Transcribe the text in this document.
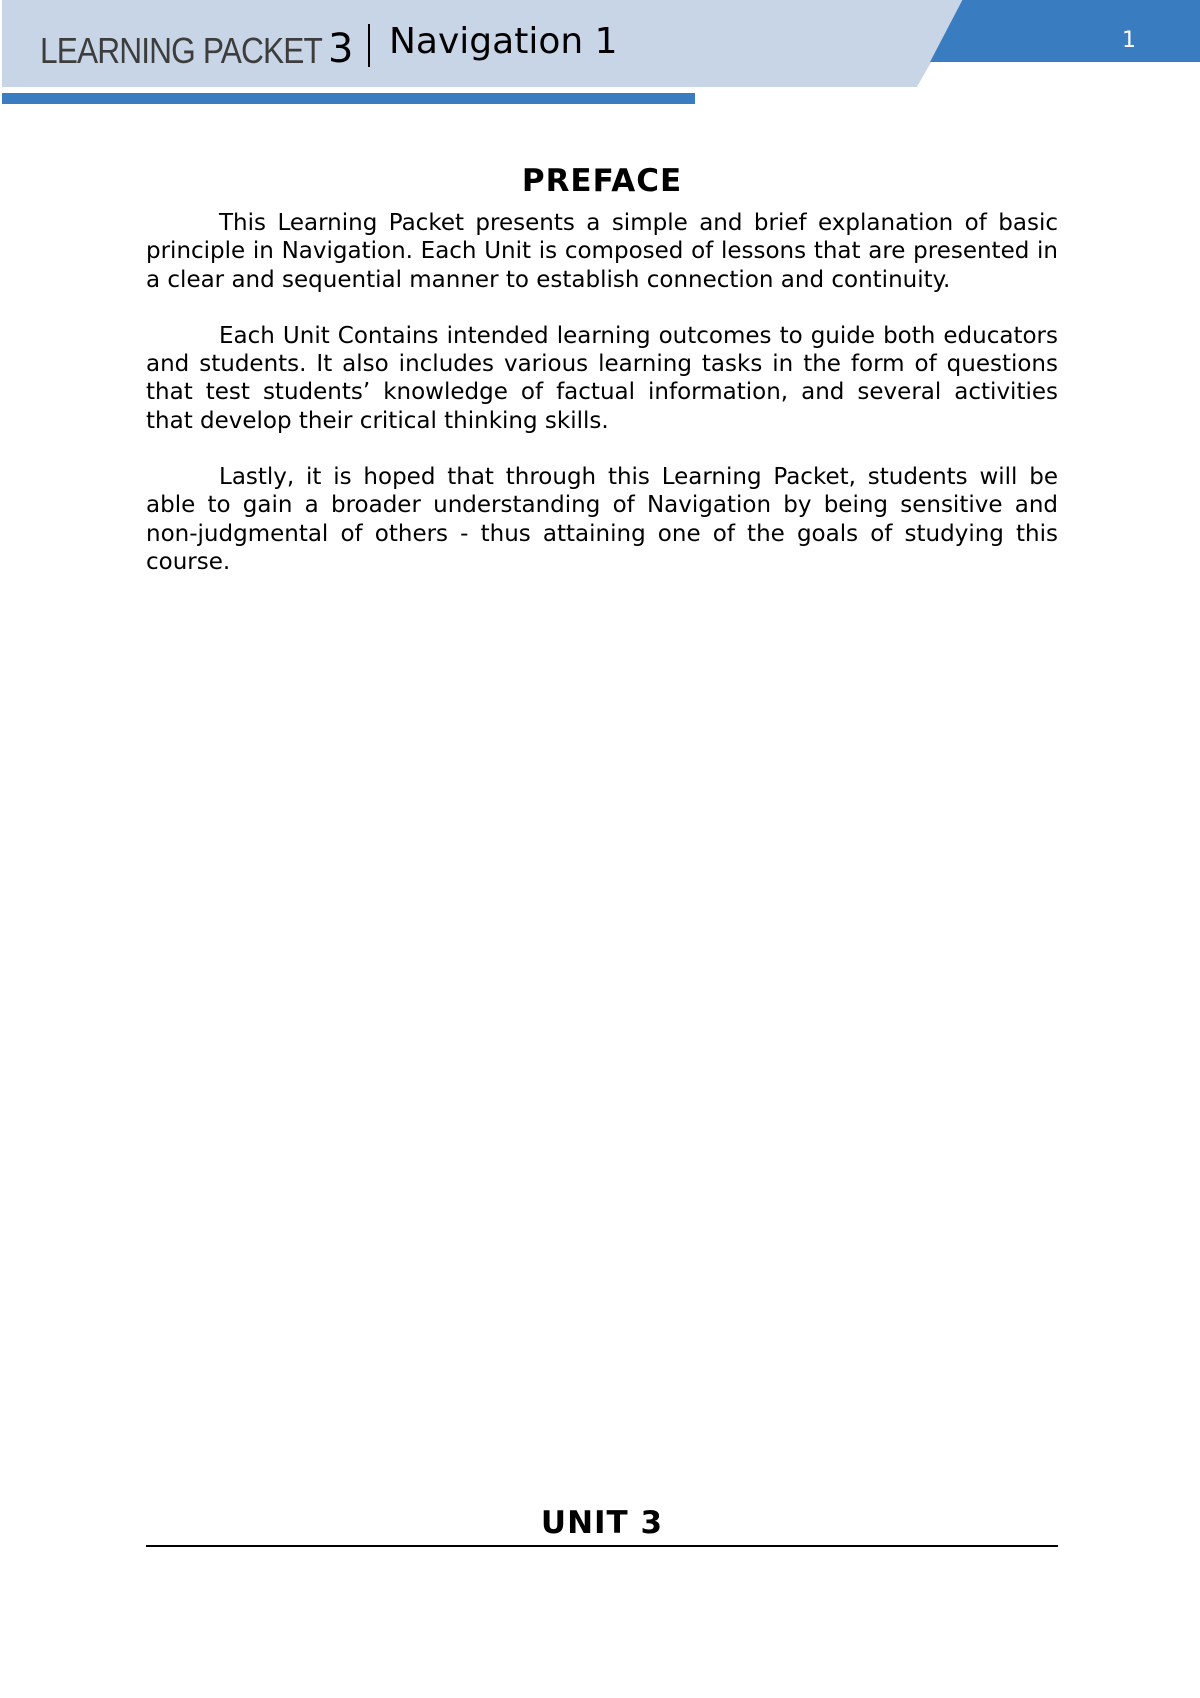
LEARNING PACKET 3 Navigation 1	1
PREFACE

This Learning Packet presents a simple and brief explanation of basic principle in Navigation. Each Unit is composed of lessons that are presented in a clear and sequential manner to establish connection and continuity.

Each Unit Contains intended learning outcomes to guide both educators and students. It also includes various learning tasks in the form of questions that test students’ knowledge of factual information, and several activities that develop their critical thinking skills.

Lastly, it is hoped that through this Learning Packet, students will be able to gain a broader understanding of Navigation by being sensitive and non-judgmental of others - thus attaining one of the goals of studying this course.

UNIT 3
